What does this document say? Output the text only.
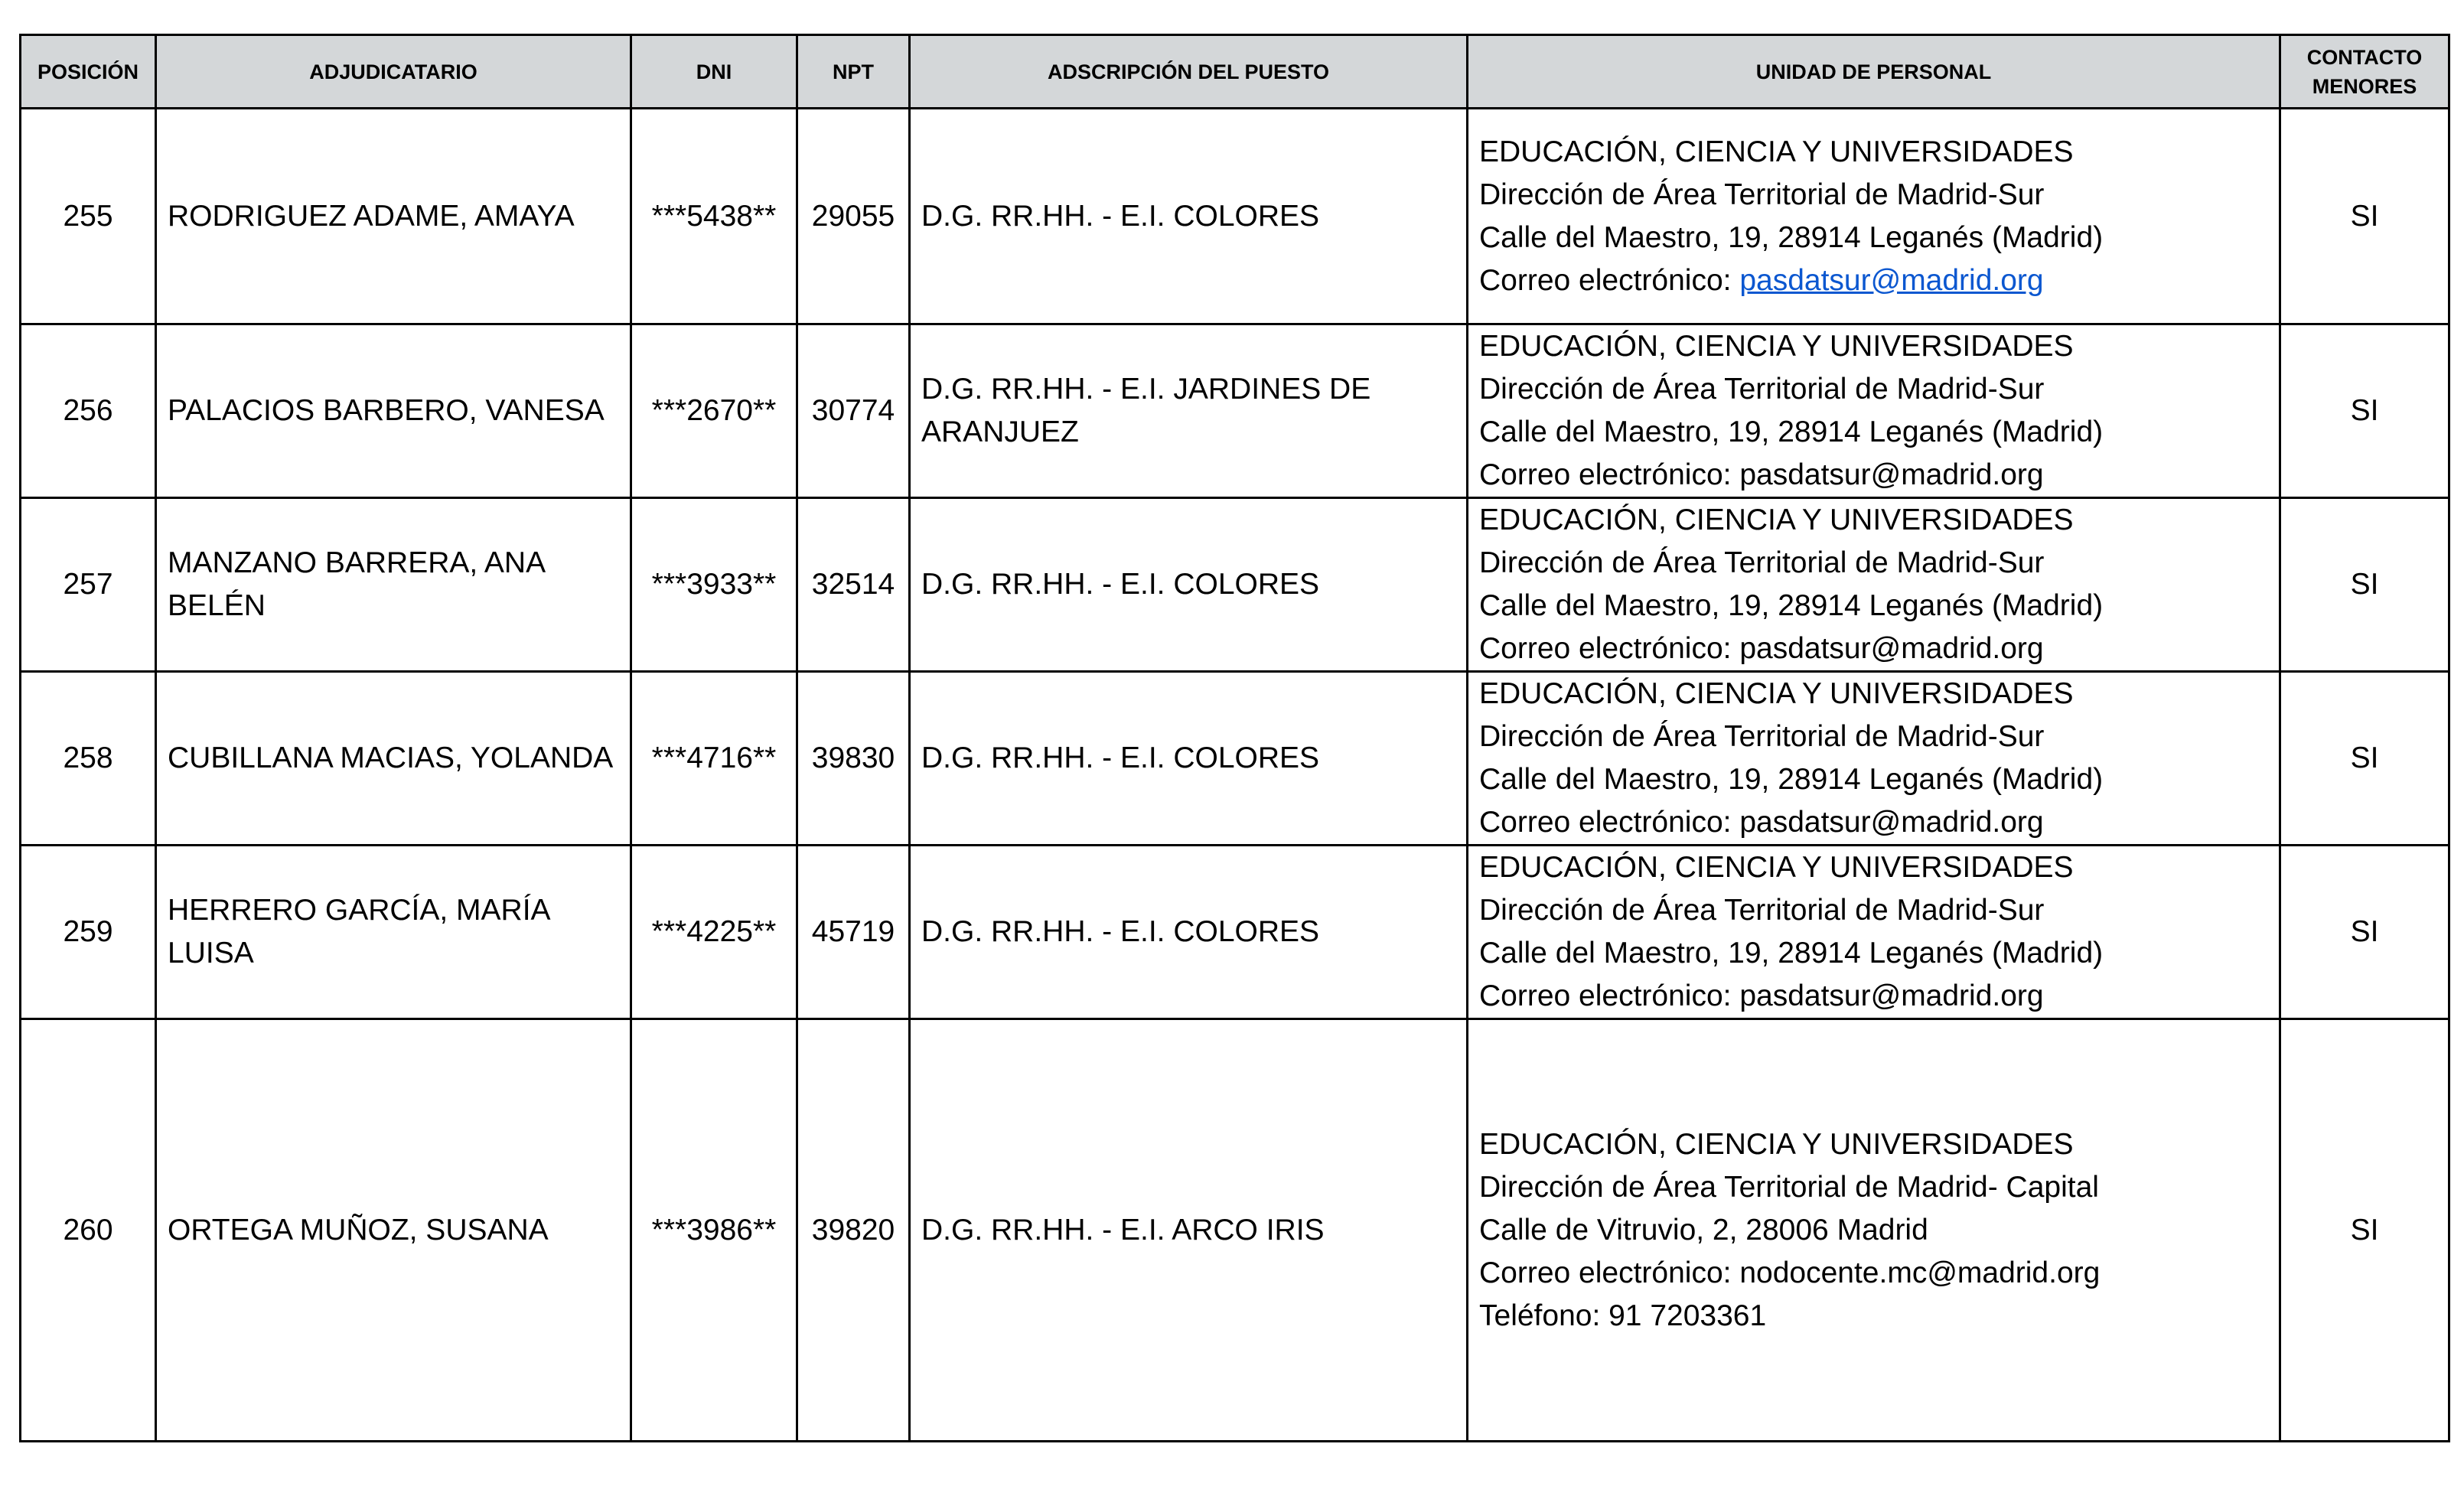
POSICIÓN	ADJUDICATARIO	DNI	NPT	ADSCRIPCIÓN DEL PUESTO	UNIDAD DE PERSONAL	CONTACTO MENORES
255	RODRIGUEZ ADAME, AMAYA	***5438**	29055	D.G. RR.HH. - E.I. COLORES	EDUCACIÓN, CIENCIA Y UNIVERSIDADES
Dirección de Área Territorial de Madrid-Sur
Calle del Maestro, 19, 28914 Leganés (Madrid)
Correo electrónico: pasdatsur@madrid.org	SI
256	PALACIOS BARBERO, VANESA	***2670**	30774	D.G. RR.HH. - E.I. JARDINES DE ARANJUEZ	EDUCACIÓN, CIENCIA Y UNIVERSIDADES
Dirección de Área Territorial de Madrid-Sur
Calle del Maestro, 19, 28914 Leganés (Madrid)
Correo electrónico: pasdatsur@madrid.org	SI
257	MANZANO BARRERA, ANA BELÉN	***3933**	32514	D.G. RR.HH. - E.I. COLORES	EDUCACIÓN, CIENCIA Y UNIVERSIDADES
Dirección de Área Territorial de Madrid-Sur
Calle del Maestro, 19, 28914 Leganés (Madrid)
Correo electrónico: pasdatsur@madrid.org	SI
258	CUBILLANA MACIAS, YOLANDA	***4716**	39830	D.G. RR.HH. - E.I. COLORES	EDUCACIÓN, CIENCIA Y UNIVERSIDADES
Dirección de Área Territorial de Madrid-Sur
Calle del Maestro, 19, 28914 Leganés (Madrid)
Correo electrónico: pasdatsur@madrid.org	SI
259	HERRERO GARCÍA, MARÍA LUISA	***4225**	45719	D.G. RR.HH. - E.I. COLORES	EDUCACIÓN, CIENCIA Y UNIVERSIDADES
Dirección de Área Territorial de Madrid-Sur
Calle del Maestro, 19, 28914 Leganés (Madrid)
Correo electrónico: pasdatsur@madrid.org	SI
260	ORTEGA MUÑOZ, SUSANA	***3986**	39820	D.G. RR.HH. - E.I. ARCO IRIS	EDUCACIÓN, CIENCIA Y UNIVERSIDADES
Dirección de Área Territorial de Madrid- Capital
Calle de Vitruvio, 2, 28006 Madrid
Correo electrónico: nodocente.mc@madrid.org
Teléfono: 91 7203361	SI
